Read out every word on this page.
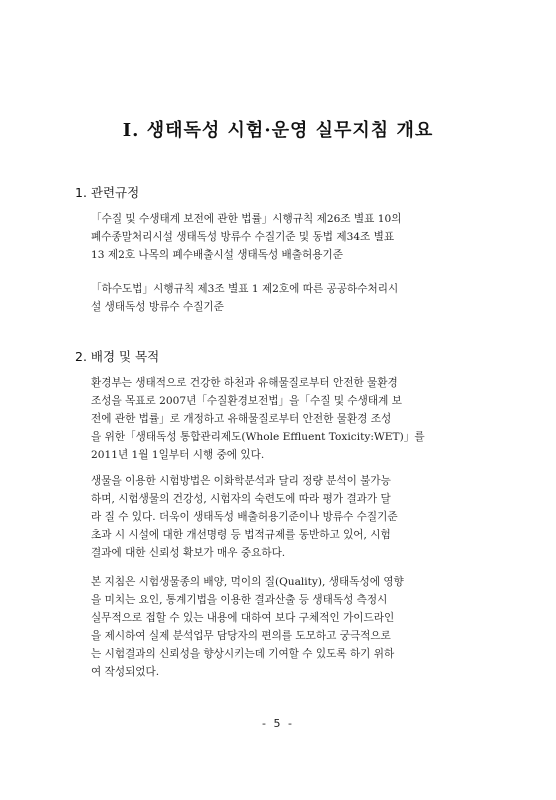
Ⅰ. 생태독성 시험·운영 실무지침 개요
1. 관련규정
「수질 및 수생태계 보전에 관한 법률」시행규칙 제26조 별표 10의
폐수종말처리시설 생태독성 방류수 수질기준 및 동법 제34조 별표
13 제2호 나목의 폐수배출시설 생태독성 배출허용기준
「하수도법」시행규칙 제3조 별표 1 제2호에 따른 공공하수처리시
설 생태독성 방류수 수질기준
2. 배경 및 목적
환경부는 생태적으로 건강한 하천과 유해물질로부터 안전한 물환경
조성을 목표로 2007년「수질환경보전법」을「수질 및 수생태계 보
전에 관한 법률」로 개정하고 유해물질로부터 안전한 물환경 조성
을 위한「생태독성 통합관리제도(Whole Effluent Toxicity:WET)」를
2011년 1월 1일부터 시행 중에 있다.
생물을 이용한 시험방법은 이화학분석과 달리 정량 분석이 불가능
하며, 시험생물의 건강성, 시험자의 숙련도에 따라 평가 결과가 달
라 질 수 있다. 더욱이 생태독성 배출허용기준이나 방류수 수질기준
초과 시 시설에 대한 개선명령 등 법적규제를 동반하고 있어, 시험
결과에 대한 신뢰성 확보가 매우 중요하다.
본 지침은 시험생물종의 배양, 먹이의 질(Quality), 생태독성에 영향
을 미치는 요인, 통계기법을 이용한 결과산출 등 생태독성 측정시
실무적으로 접할 수 있는 내용에 대하여 보다 구체적인 가이드라인
을 제시하여 실제 분석업무 담당자의 편의를 도모하고 궁극적으로
는 시험결과의 신뢰성을 향상시키는데 기여할 수 있도록 하기 위하
여 작성되었다.
- 5 -
